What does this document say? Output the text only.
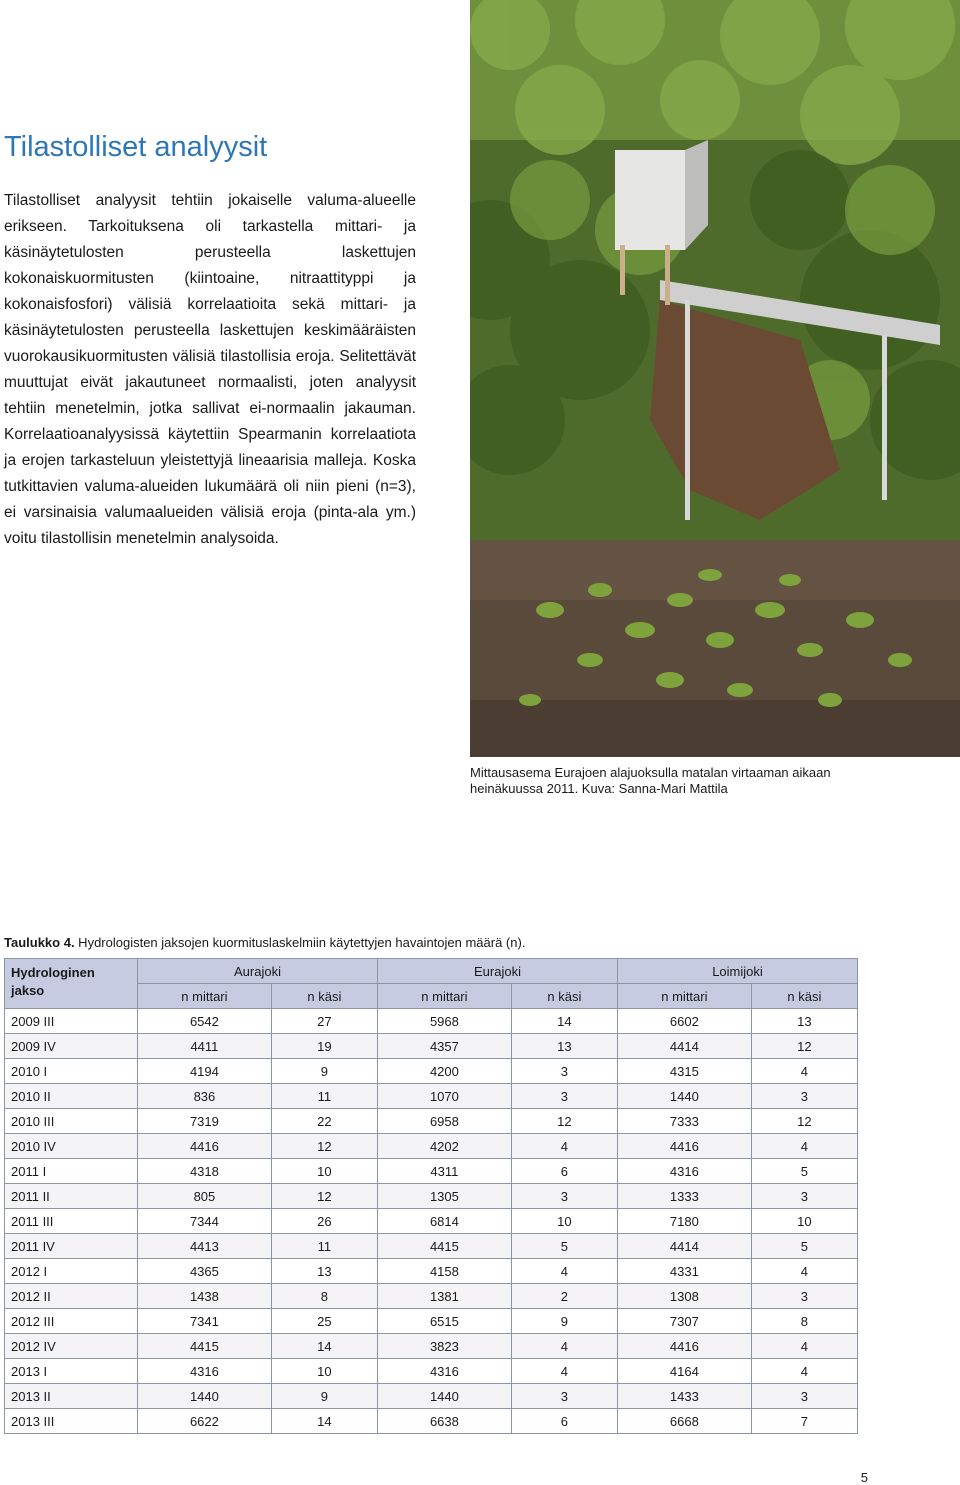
Tilastolliset analyysit

Tilastolliset analyysit tehtiin jokaiselle valuma-alueelle erikseen. Tarkoituksena oli tarkastella mittari- ja käsinäytetulosten perusteella laskettujen kokonaiskuormitusten (kiintoaine, nitraattityppi ja kokonaisfosfori) välisiä korrelaatioita sekä mittari- ja käsinäytetulosten perusteella laskettujen keskimääräisten vuorokausikuormitusten välisiä tilastollisia eroja. Selitettävät muuttujat eivät jakautuneet normaalisti, joten analyysit tehtiin menetelmin, jotka sallivat ei-normaalin jakauman. Korrelaatioanalyysissä käytettiin Spearmanin korrelaatiota ja erojen tarkasteluun yleistettyjä lineaarisia malleja. Koska tutkittavien valuma-alueiden lukumäärä oli niin pieni (n=3), ei varsinaisia valumaalueiden välisiä eroja (pinta-ala ym.) voitu tilastollisin menetelmin analysoida.

Mittausasema Eurajoen alajuoksulla matalan virtaaman aikaan heinäkuussa 2011. Kuva: Sanna-Mari Mattila
Taulukko 4. Hydrologisten jaksojen kuormituslaskelmiin käytettyjen havaintojen määrä (n).
Hydrologinen jakso	Aurajoki		Eurajoki		Loimijoki	
	n mittari	n käsi	n mittari	n käsi	n mittari	n käsi
2009 III	6542	27	5968	14	6602	13
2009 IV	4411	19	4357	13	4414	12
2010 I	4194	9	4200	3	4315	4
2010 II	836	11	1070	3	1440	3
2010 III	7319	22	6958	12	7333	12
2010 IV	4416	12	4202	4	4416	4
2011 I	4318	10	4311	6	4316	5
2011 II	805	12	1305	3	1333	3
2011 III	7344	26	6814	10	7180	10
2011 IV	4413	11	4415	5	4414	5
2012 I	4365	13	4158	4	4331	4
2012 II	1438	8	1381	2	1308	3
2012 III	7341	25	6515	9	7307	8
2012 IV	4415	14	3823	4	4416	4
2013 I	4316	10	4316	4	4164	4
2013 II	1440	9	1440	3	1433	3
2013 III	6622	14	6638	6	6668	7
5
